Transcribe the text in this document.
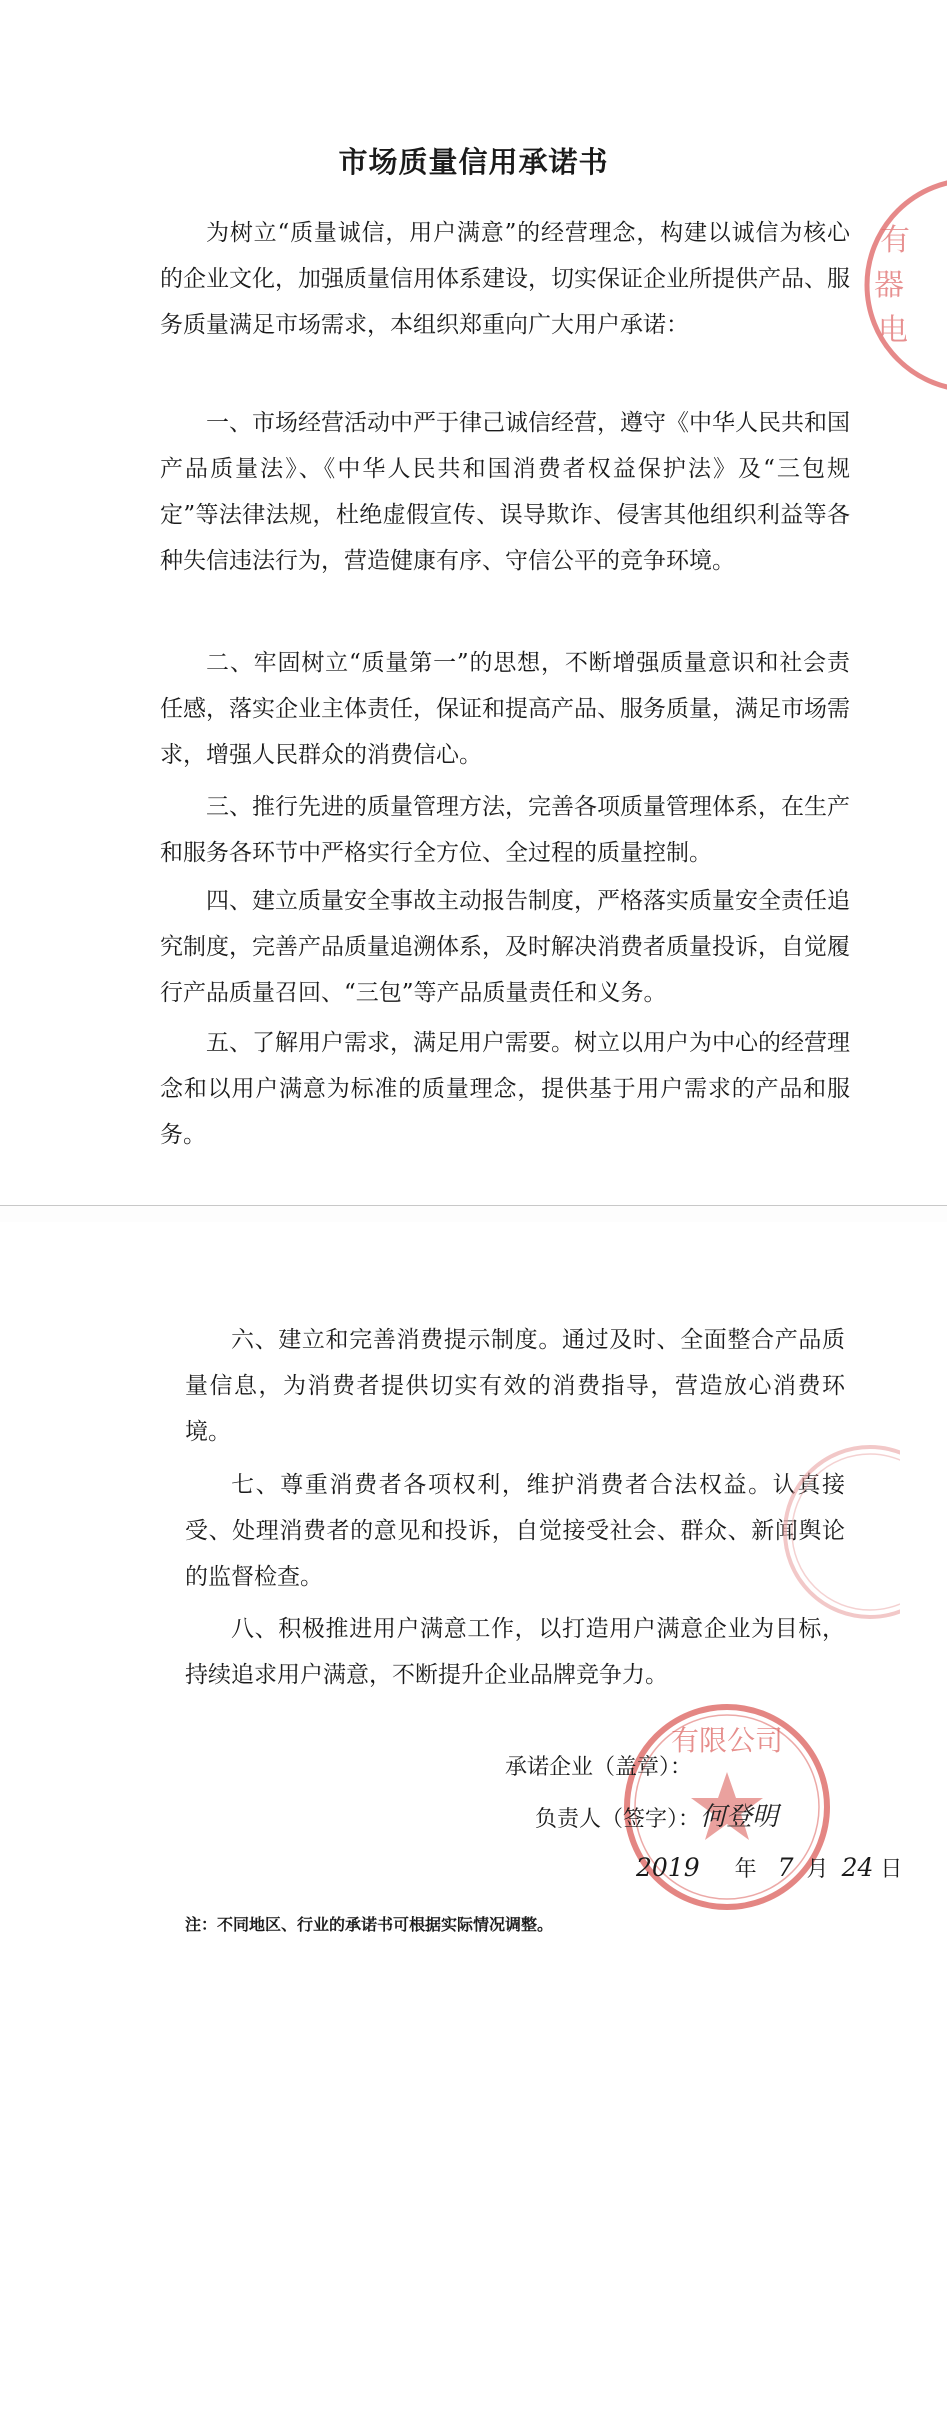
市场质量信用承诺书

为树立“质量诚信，用户满意”的经营理念，构建以诚信为核心的企业文化，加强质量信用体系建设，切实保证企业所提供产品、服务质量满足市场需求，本组织郑重向广大用户承诺：

一、市场经营活动中严于律己诚信经营，遵守《中华人民共和国产品质量法》、《中华人民共和国消费者权益保护法》及“三包规定”等法律法规，杜绝虚假宣传、误导欺诈、侵害其他组织利益等各种失信违法行为，营造健康有序、守信公平的竞争环境。

二、牢固树立“质量第一”的思想，不断增强质量意识和社会责任感，落实企业主体责任，保证和提高产品、服务质量，满足市场需求，增强人民群众的消费信心。

三、推行先进的质量管理方法，完善各项质量管理体系，在生产和服务各环节中严格实行全方位、全过程的质量控制。

四、建立质量安全事故主动报告制度，严格落实质量安全责任追究制度，完善产品质量追溯体系，及时解决消费者质量投诉，自觉履行产品质量召回、“三包”等产品质量责任和义务。

五、了解用户需求，满足用户需要。树立以用户为中心的经营理念和以用户满意为标准的质量理念，提供基于用户需求的产品和服务。

有
器
电

六、建立和完善消费提示制度。通过及时、全面整合产品质量信息，为消费者提供切实有效的消费指导，营造放心消费环境。

七、尊重消费者各项权利，维护消费者合法权益。认真接受、处理消费者的意见和投诉，自觉接受社会、群众、新闻舆论的监督检查。

八、积极推进用户满意工作，以打造用户满意企业为目标，持续追求用户满意，不断提升企业品牌竞争力。

有限公司
承诺企业（盖章）：
负责人（签字）： 何登明
2019 年 7 月 24 日

注：不同地区、行业的承诺书可根据实际情况调整。
